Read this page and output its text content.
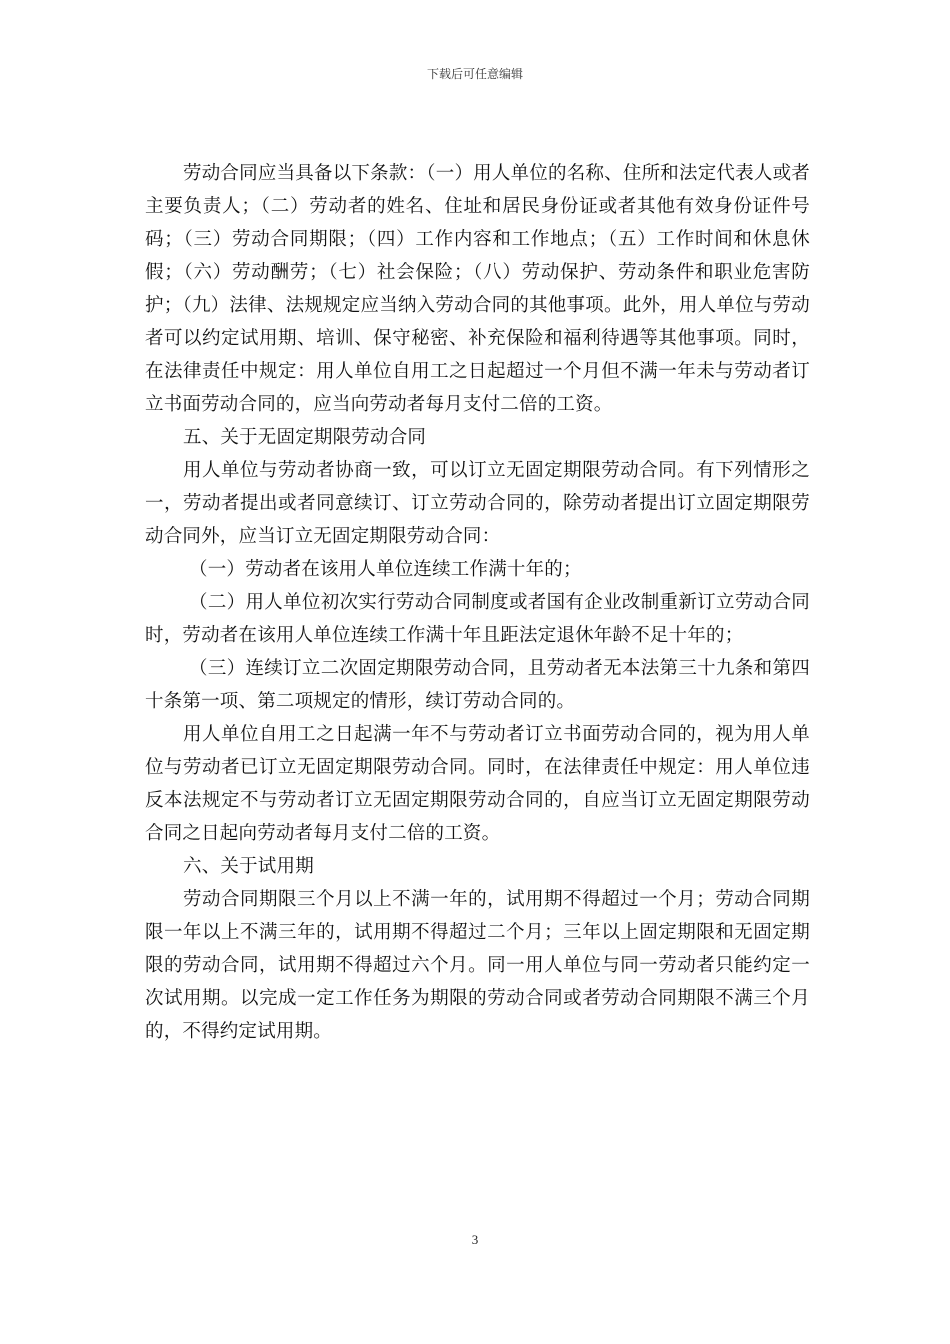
下载后可任意编辑

劳动合同应当具备以下条款：（一）用人单位的名称、住所和法定代表人或者主要负责人；（二）劳动者的姓名、住址和居民身份证或者其他有效身份证件号码；（三）劳动合同期限；（四）工作内容和工作地点；（五）工作时间和休息休假；（六）劳动酬劳；（七）社会保险；（八）劳动保护、劳动条件和职业危害防护；（九）法律、法规规定应当纳入劳动合同的其他事项。此外，用人单位与劳动者可以约定试用期、培训、保守秘密、补充保险和福利待遇等其他事项。同时，在法律责任中规定：用人单位自用工之日起超过一个月但不满一年未与劳动者订立书面劳动合同的，应当向劳动者每月支付二倍的工资。

五、关于无固定期限劳动合同

用人单位与劳动者协商一致，可以订立无固定期限劳动合同。有下列情形之一，劳动者提出或者同意续订、订立劳动合同的，除劳动者提出订立固定期限劳动合同外，应当订立无固定期限劳动合同：

（一）劳动者在该用人单位连续工作满十年的；

（二）用人单位初次实行劳动合同制度或者国有企业改制重新订立劳动合同时，劳动者在该用人单位连续工作满十年且距法定退休年龄不足十年的；

（三）连续订立二次固定期限劳动合同，且劳动者无本法第三十九条和第四十条第一项、第二项规定的情形，续订劳动合同的。

用人单位自用工之日起满一年不与劳动者订立书面劳动合同的，视为用人单位与劳动者已订立无固定期限劳动合同。同时，在法律责任中规定：用人单位违反本法规定不与劳动者订立无固定期限劳动合同的，自应当订立无固定期限劳动合同之日起向劳动者每月支付二倍的工资。

六、关于试用期

劳动合同期限三个月以上不满一年的，试用期不得超过一个月；劳动合同期限一年以上不满三年的，试用期不得超过二个月；三年以上固定期限和无固定期限的劳动合同，试用期不得超过六个月。同一用人单位与同一劳动者只能约定一次试用期。以完成一定工作任务为期限的劳动合同或者劳动合同期限不满三个月的，不得约定试用期。

3
